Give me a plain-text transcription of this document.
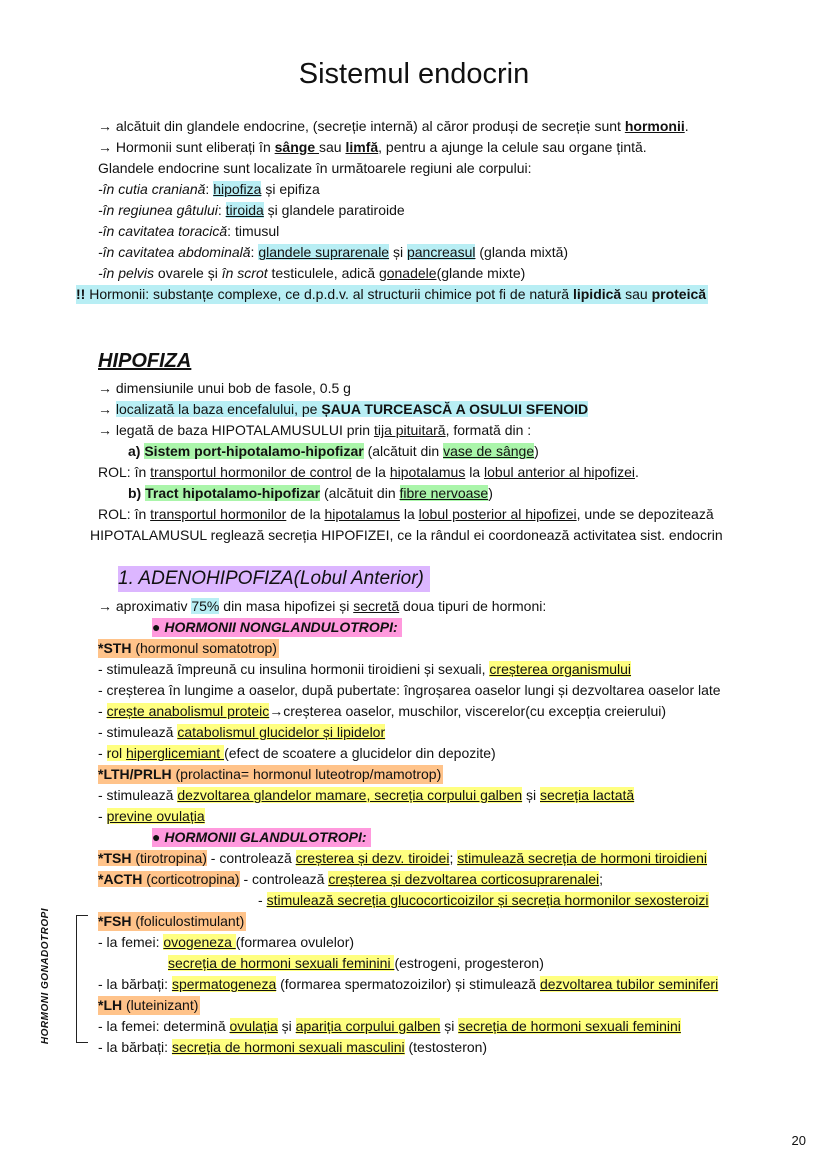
Sistemul endocrin
→ alcătuit din glandele endocrine, (secreție internă) al căror produși de secreție sunt hormonii.
→ Hormonii sunt eliberați în sânge sau limfă, pentru a ajunge la celule sau organe țintă.
Glandele endocrine sunt localizate în următoarele regiuni ale corpului:
-în cutia craniană: hipofiza și epifiza
-în regiunea gâtului: tiroida și glandele paratiroide
-în cavitatea toracică: timusul
-în cavitatea abdominală: glandele suprarenale și pancreasul (glanda mixtă)
-în pelvis ovarele și în scrot testiculele, adică gonadele(glande mixte)
!! Hormonii: substanțe complexe, ce d.p.d.v. al structurii chimice pot fi de natură lipidică sau proteică
HIPOFIZA
→ dimensiunile unui bob de fasole, 0.5 g
→ localizată la baza encefalului, pe ȘAUA TURCEASCĂ A OSULUI SFENOID
→ legată de baza HIPOTALAMUSULUI prin tija pituitară, formată din :
a) Sistem port-hipotalamo-hipofizar (alcătuit din vase de sânge)
ROL: în transportul hormonilor de control de la hipotalamus la lobul anterior al hipofizei.
b) Tract hipotalamo-hipofizar (alcătuit din fibre nervoase)
ROL: în transportul hormonilor de la hipotalamus la lobul posterior al hipofizei, unde se depozitează
HIPOTALAMUSUL reglează secreția HIPOFIZEI, ce la rândul ei coordonează activitatea sist. endocrin
1. ADENOHIPOFIZA(Lobul Anterior)
→ aproximativ 75% din masa hipofizei și secretă doua tipuri de hormoni:
● HORMONII NONGLANDULOTROPI:
*STH (hormonul somatotrop)
- stimulează împreună cu insulina hormonii tiroidieni și sexuali, creșterea organismului
- creșterea în lungime a oaselor, după pubertate: îngroșarea oaselor lungi și dezvoltarea oaselor late
- crește anabolismul proteic→creșterea oaselor, muschilor, viscerelor(cu excepția creierului)
- stimulează catabolismul glucidelor și lipidelor
- rol hiperglicemiant (efect de scoatere a glucidelor din depozite)
*LTH/PRLH (prolactina= hormonul luteotrop/mamotrop)
- stimulează dezvoltarea glandelor mamare, secreția corpului galben și secreția lactată
- previne ovulația
● HORMONII GLANDULOTROPI:
*TSH (tirotropina) - controlează creșterea și dezv. tiroidei; stimulează secreția de hormoni tiroidieni
*ACTH (corticotropina) - controlează creșterea și dezvoltarea corticosuprarenalei;
- stimulează secreția glucocorticoizilor și secreția hormonilor sexosteroizi
*FSH (foliculostimulant)
- la femei: ovogeneza (formarea ovulelor)
secreția de hormoni sexuali feminini (estrogeni, progesteron)
- la bărbați: spermatogeneza (formarea spermatozoizilor) și stimulează dezvoltarea tubilor seminiferi
*LH (luteinizant)
- la femei: determină ovulația și apariția corpului galben și secreția de hormoni sexuali feminini
- la bărbați: secreția de hormoni sexuali masculini (testosteron)
HORMONI GONADOTROPI
20
